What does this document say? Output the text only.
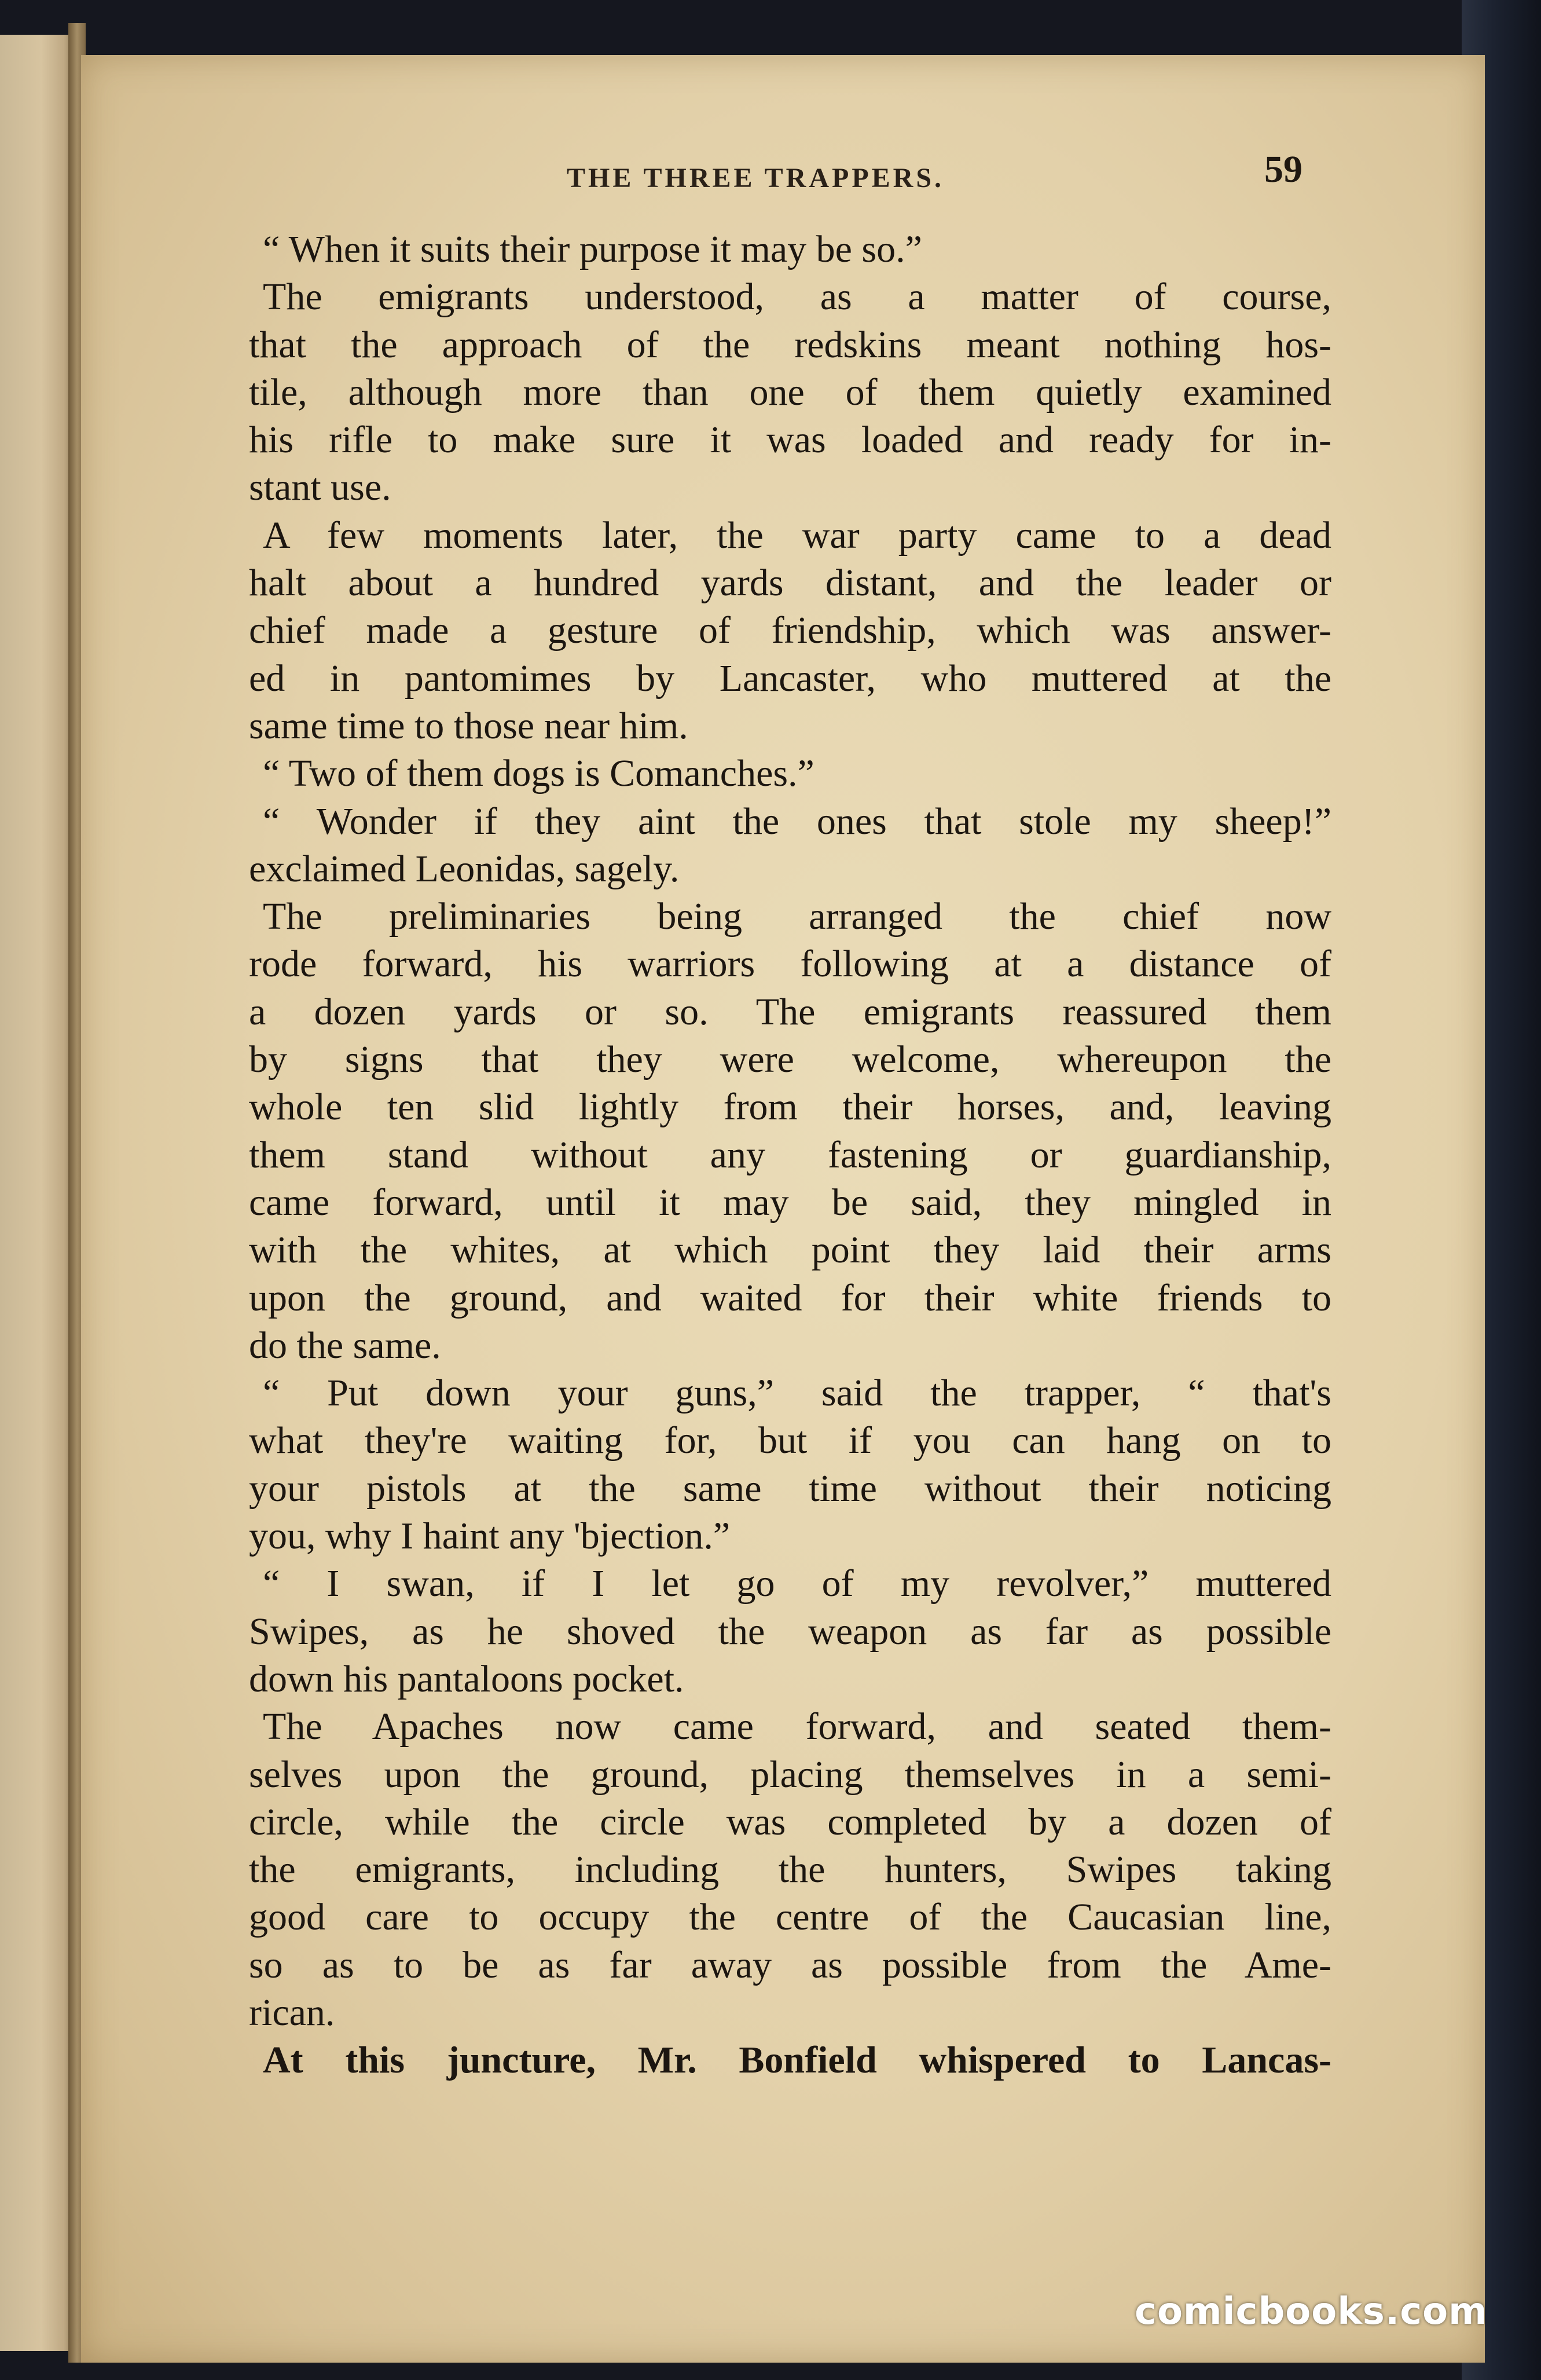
THE THREE TRAPPERS.	59
“ When it suits their purpose it may be so.”
The emigrants understood, as a matter of course,
that the approach of the redskins meant nothing hos-
tile, although more than one of them quietly examined
his rifle to make sure it was loaded and ready for in-
stant use.
A few moments later, the war party came to a dead
halt about a hundred yards distant, and the leader or
chief made a gesture of friendship, which was answer-
ed in pantomimes by Lancaster, who muttered at the
same time to those near him.
“ Two of them dogs is Comanches.”
“ Wonder if they aint the ones that stole my sheep!”
exclaimed Leonidas, sagely.
The preliminaries being arranged the chief now
rode forward, his warriors following at a distance of
a dozen yards or so. The emigrants reassured them
by signs that they were welcome, whereupon the
whole ten slid lightly from their horses, and, leaving
them stand without any fastening or guardianship,
came forward, until it may be said, they mingled in
with the whites, at which point they laid their arms
upon the ground, and waited for their white friends to
do the same.
“ Put down your guns,” said the trapper, “ that's
what they're waiting for, but if you can hang on to
your pistols at the same time without their noticing
you, why I haint any 'bjection.”
“ I swan, if I let go of my revolver,” muttered
Swipes, as he shoved the weapon as far as possible
down his pantaloons pocket.
The Apaches now came forward, and seated them-
selves upon the ground, placing themselves in a semi-
circle, while the circle was completed by a dozen of
the emigrants, including the hunters, Swipes taking
good care to occupy the centre of the Caucasian line,
so as to be as far away as possible from the Ame-
rican.
At this juncture, Mr. Bonfield whispered to Lancas-
comicbooks.com
